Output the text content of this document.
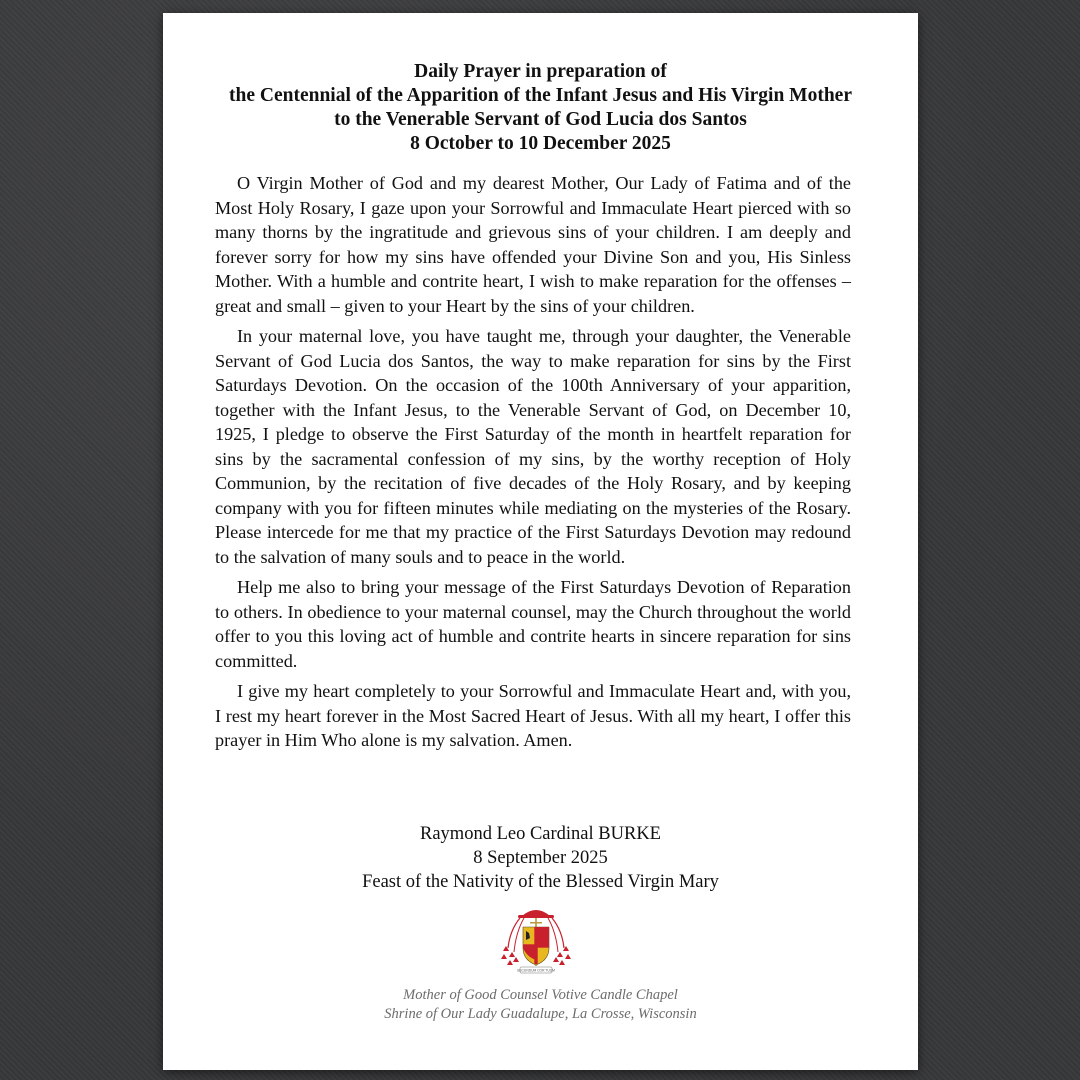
Daily Prayer in preparation of
the Centennial of the Apparition of the Infant Jesus and His Virgin Mother
to the Venerable Servant of God Lucia dos Santos
8 October to 10 December 2025

O Virgin Mother of God and my dearest Mother, Our Lady of Fatima and of the Most Holy Rosary, I gaze upon your Sorrowful and Immaculate Heart pierced with so many thorns by the ingratitude and grievous sins of your children. I am deeply and forever sorry for how my sins have offended your Divine Son and you, His Sinless Mother. With a humble and contrite heart, I wish to make reparation for the offenses – great and small – given to your Heart by the sins of your children.

In your maternal love, you have taught me, through your daughter, the Venerable Servant of God Lucia dos Santos, the way to make reparation for sins by the First Saturdays Devotion. On the occasion of the 100th Anniversary of your apparition, together with the Infant Jesus, to the Venerable Servant of God, on December 10, 1925, I pledge to observe the First Saturday of the month in heartfelt reparation for sins by the sacramental confession of my sins, by the worthy reception of Holy Communion, by the recitation of five decades of the Holy Rosary, and by keeping company with you for fifteen minutes while mediating on the mysteries of the Rosary. Please intercede for me that my practice of the First Saturdays Devotion may redound to the salvation of many souls and to peace in the world.

Help me also to bring your message of the First Saturdays Devotion of Reparation to others. In obedience to your maternal counsel, may the Church throughout the world offer to you this loving act of humble and contrite hearts in sincere reparation for sins committed.

I give my heart completely to your Sorrowful and Immaculate Heart and, with you, I rest my heart forever in the Most Sacred Heart of Jesus. With all my heart, I offer this prayer in Him Who alone is my salvation. Amen.

Raymond Leo Cardinal BURKE
8 September 2025
Feast of the Nativity of the Blessed Virgin Mary
SECUNDUM COR TUUM
Mother of Good Counsel Votive Candle Chapel
Shrine of Our Lady Guadalupe, La Crosse, Wisconsin
